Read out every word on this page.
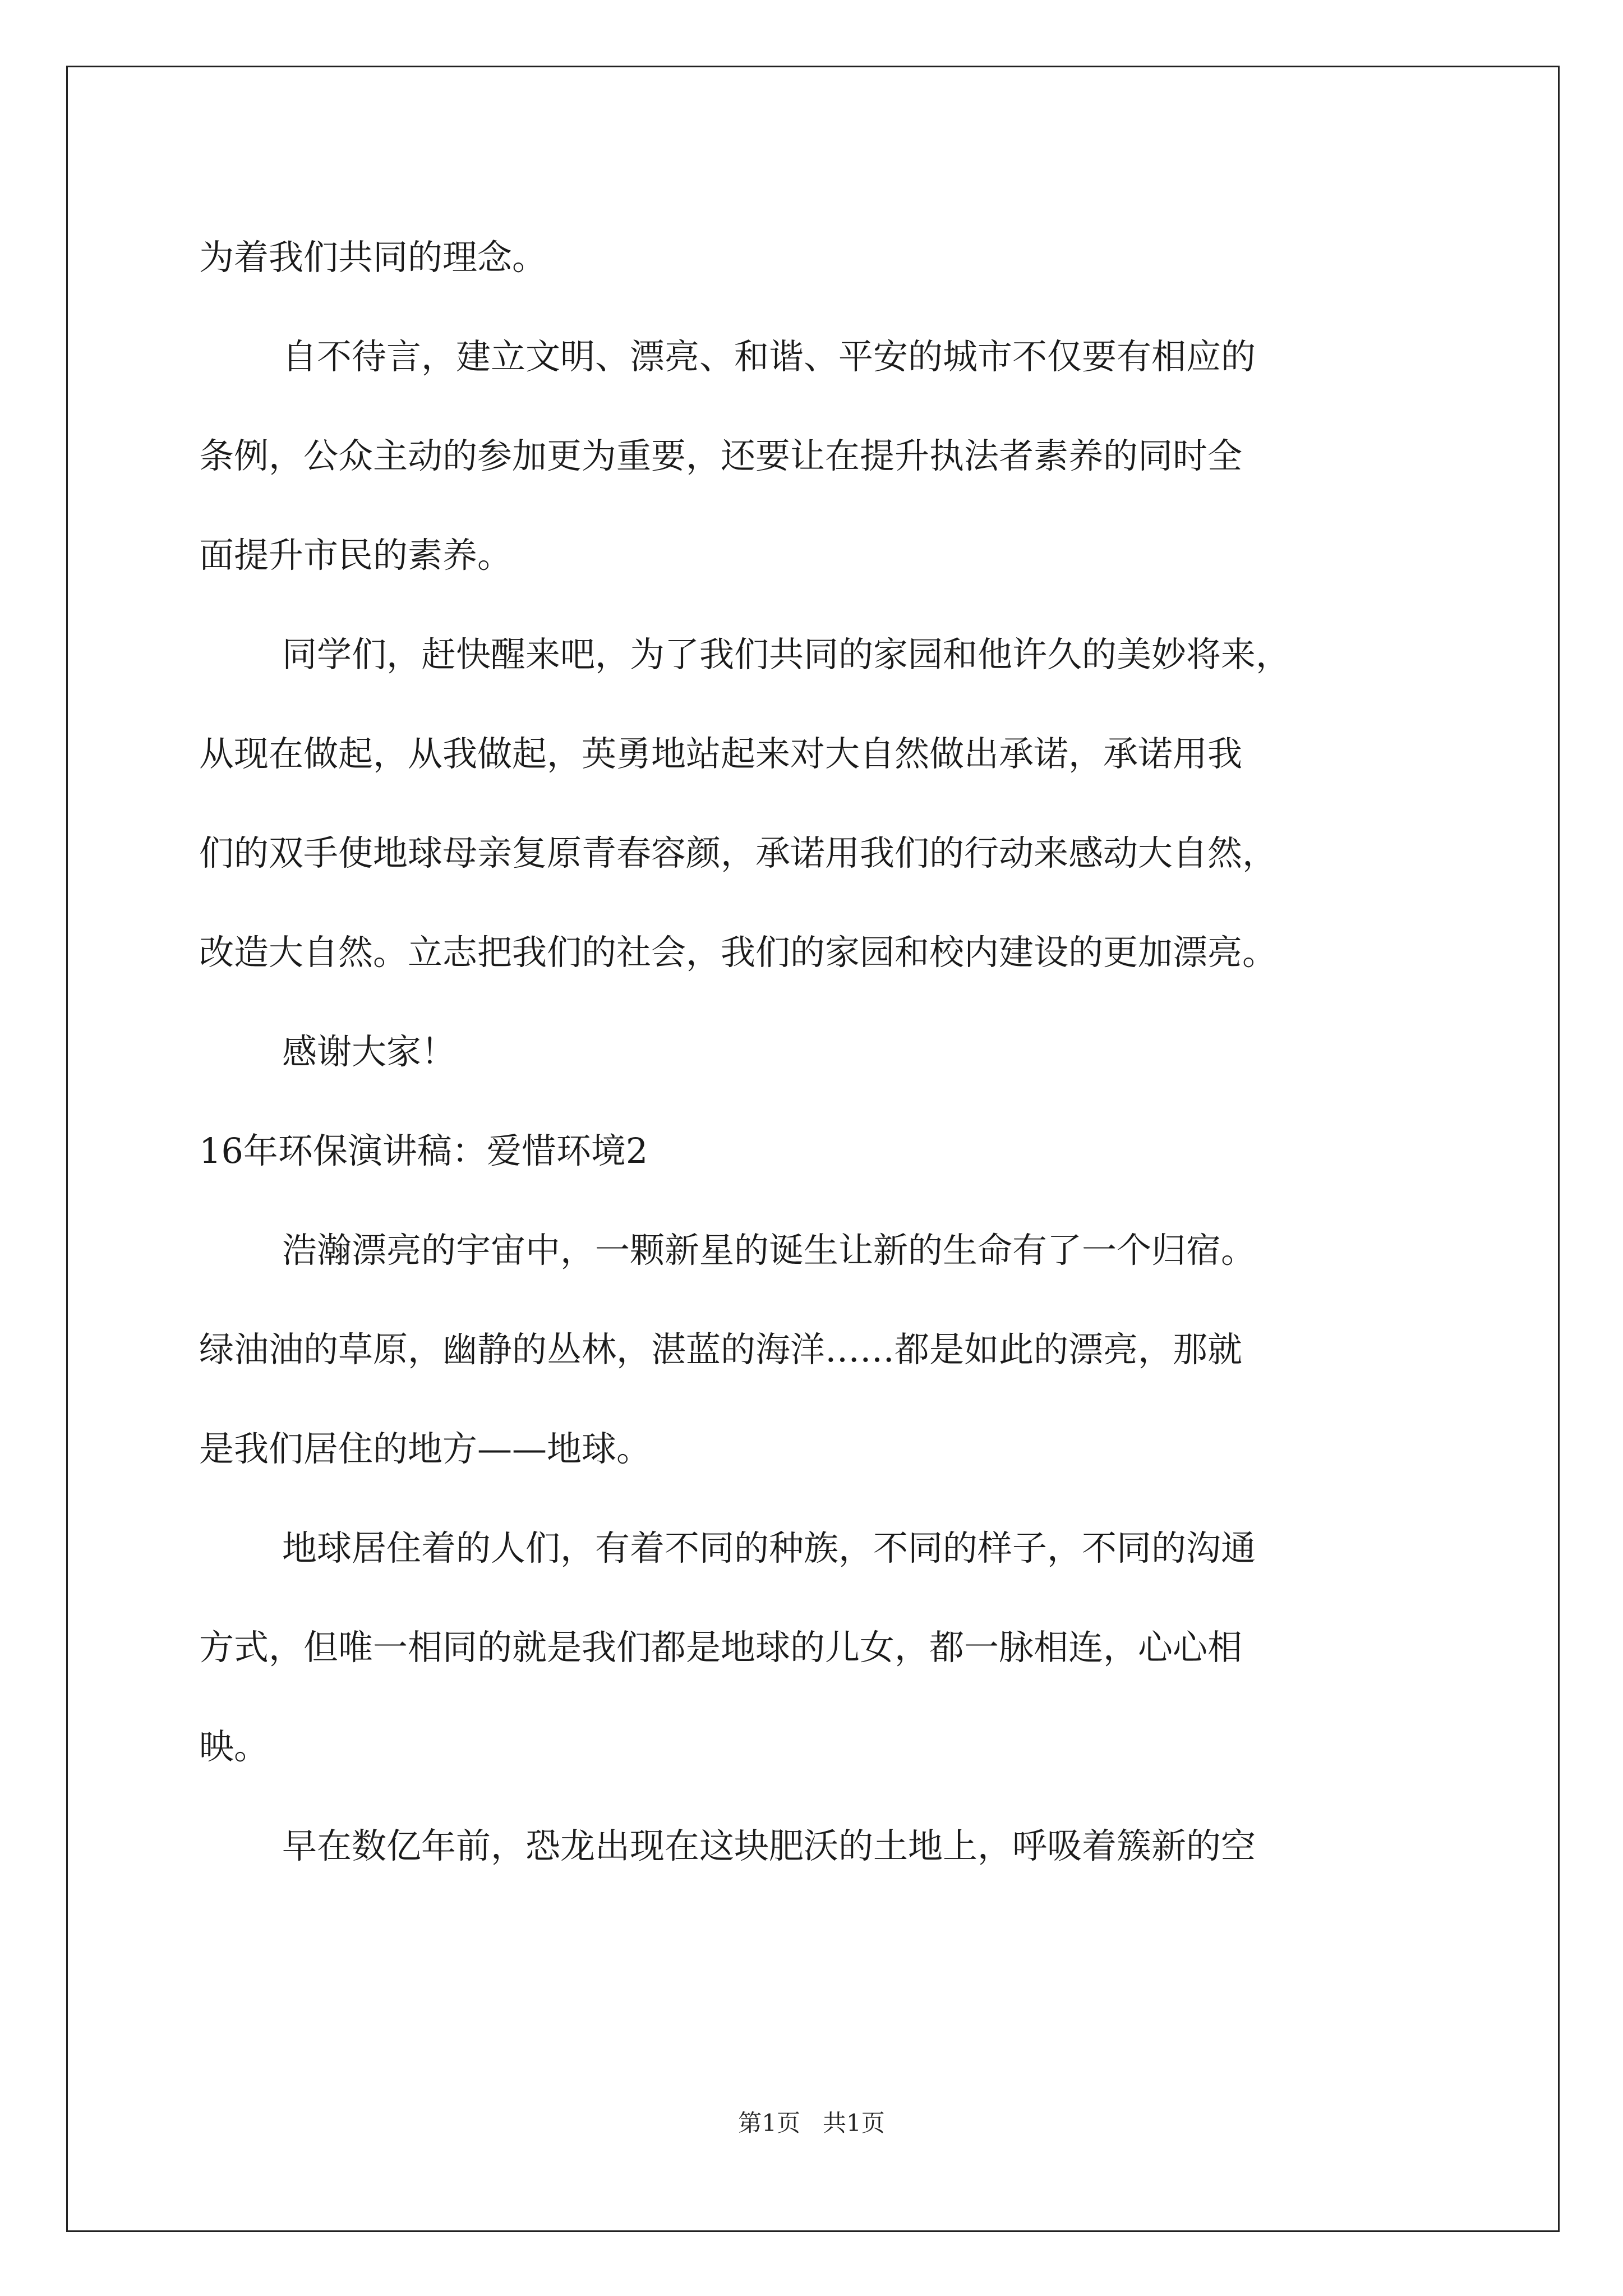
为着我们共同的理念。
自不待言，建立文明、漂亮、和谐、平安的城市不仅要有相应的
条例，公众主动的参加更为重要，还要让在提升执法者素养的同时全
面提升市民的素养。
同学们，赶快醒来吧，为了我们共同的家园和他许久的美妙将来，
从现在做起，从我做起，英勇地站起来对大自然做出承诺，承诺用我
们的双手使地球母亲复原青春容颜，承诺用我们的行动来感动大自然，
改造大自然。立志把我们的社会，我们的家园和校内建设的更加漂亮。
感谢大家！
16年环保演讲稿：爱惜环境2
浩瀚漂亮的宇宙中，一颗新星的诞生让新的生命有了一个归宿。
绿油油的草原，幽静的丛林，湛蓝的海洋……都是如此的漂亮，那就
是我们居住的地方——地球。
地球居住着的人们，有着不同的种族，不同的样子，不同的沟通
方式，但唯一相同的就是我们都是地球的儿女，都一脉相连，心心相
映。
早在数亿年前，恐龙出现在这块肥沃的土地上，呼吸着簇新的空
第1页 共1页
